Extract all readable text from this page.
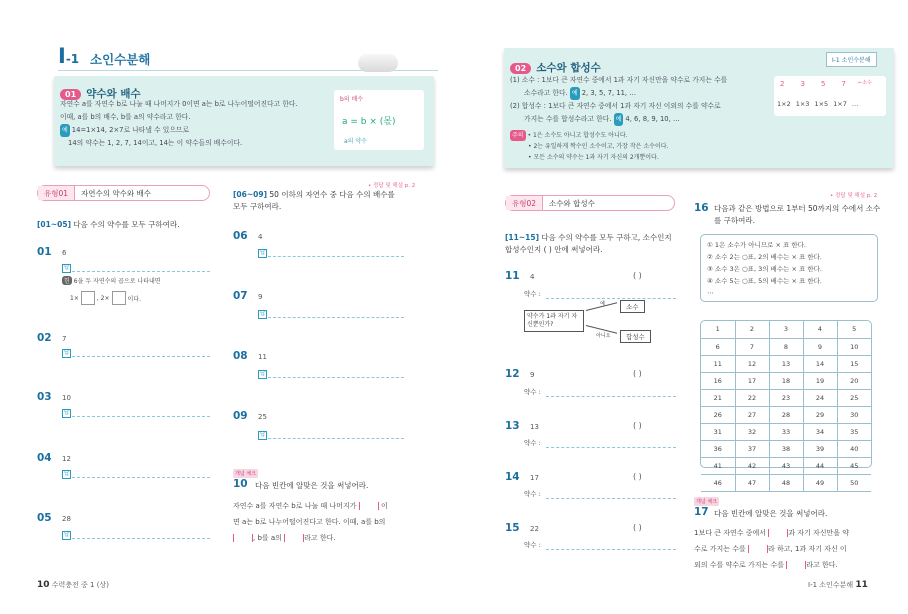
Ⅰ-1 소인수분해
01 약수와 배수
자연수 a를 자연수 b로 나눌 때 나머지가 0이면 a는 b로 나누어떨어진다고 한다.
이때, a를 b의 배수, b를 a의 약수라고 한다.
예 14=1×14, 2×7로 나타낼 수 있으므로
14의 약수는 1, 2, 7, 14이고, 14는 이 약수들의 배수이다.
b의 배수
a = b × (몫)
a의 약수
유형01	자연수의 약수와 배수
• 정답 및 해설 p. 2
[01~05] 다음 수의 약수를 모두 구하여라.
01 6
답
힌 6을 두 자연수의 곱으로 나타내면
1×	, 2×	이다.
02 7
답
03 10
답
04 12
답
05 28
답
[06~09] 50 이하의 자연수 중 다음 수의 배수를 모두 구하여라.
06 4
답
07 9
답
08 11
답
09 25
답
개념 체크
10 다음 빈칸에 알맞은 것을 써넣어라.
자연수 a를 자연수 b로 나눌 때 나머지가	이
면 a는 b로 나누어떨어진다고 한다. 이때, a를 b의
, b를 a의	라고 한다.
10 수력충전 중 1 (상)
02 소수와 합성수
(1) 소수 : 1보다 큰 자연수 중에서 1과 자기 자신만을 약수로 가지는 수를
소수라고 한다. 예 2, 3, 5, 7, 11, …
(2) 합성수 : 1보다 큰 자연수 중에서 1과 자기 자신 이외의 수를 약수로
가지는 수를 합성수라고 한다. 예 4, 6, 8, 9, 10, …
주의 • 1은 소수도 아니고 합성수도 아니다.
• 2는 유일하게 짝수인 소수이고, 가장 작은 소수이다.
• 모든 소수의 약수는 1과 자기 자신의 2개뿐이다.
Ⅰ-1 소인수분해
2 3 5 7 ←소수
1×2 1×3 1×5 1×7 …
유형02	소수와 합성수
• 정답 및 해설 p. 2
[11~15] 다음 수의 약수를 모두 구하고, 소수인지 합성수인지 ( ) 안에 써넣어라.
11 4	( )
약수 :
약수가 1과 자기 자신뿐인가?
예
아니오
소수
합성수
12 9	( )
약수 :
13 13	( )
약수 :
14 17	( )
약수 :
15 22	( )
약수 :
16 다음과 같은 방법으로 1부터 50까지의 수에서 소수를 구하여라.
① 1은 소수가 아니므로 × 표 한다.
② 소수 2는 ○표, 2의 배수는 × 표 한다.
③ 소수 3은 ○표, 3의 배수는 × 표 한다.
④ 소수 5는 ○표, 5의 배수는 × 표 한다.
⋯
1	2	3	4	5
6	7	8	9	10
11	12	13	14	15
16	17	18	19	20
21	22	23	24	25
26	27	28	29	30
31	32	33	34	35
36	37	38	39	40
41	42	43	44	45
46	47	48	49	50
개념 체크
17 다음 빈칸에 알맞은 것을 써넣어라.
1보다 큰 자연수 중에서	과 자기 자신만을 약
수로 가지는 수를	라 하고, 1과 자기 자신 이
외의 수를 약수로 가지는 수를	라고 한다.
Ⅰ-1 소인수분해 11
